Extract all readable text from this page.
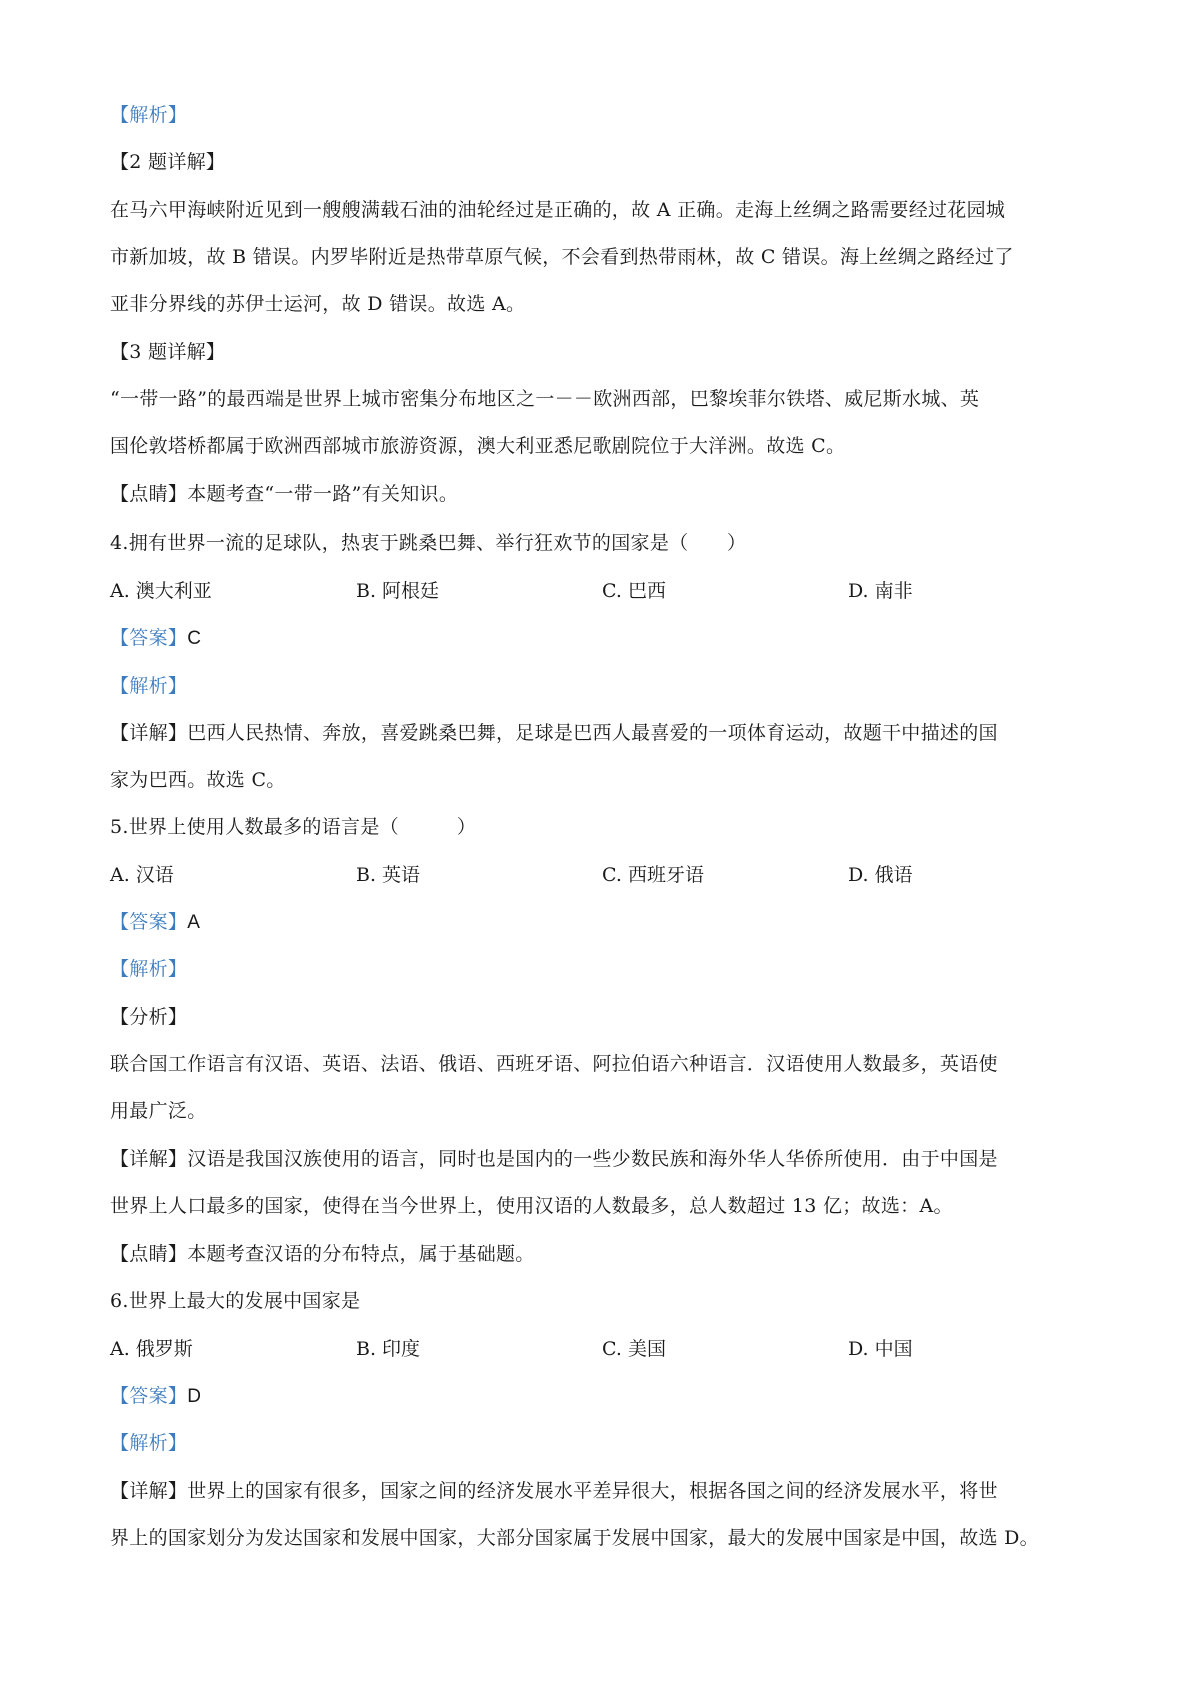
【解析】
【2 题详解】
在马六甲海峡附近见到一艘艘满载石油的油轮经过是正确的，故 A 正确。走海上丝绸之路需要经过花园城
市新加坡，故 B 错误。内罗毕附近是热带草原气候，不会看到热带雨林，故 C 错误。海上丝绸之路经过了
亚非分界线的苏伊士运河，故 D 错误。故选 A。
【3 题详解】
“一带一路”的最西端是世界上城市密集分布地区之一－－欧洲西部，巴黎埃菲尔铁塔、威尼斯水城、英
国伦敦塔桥都属于欧洲西部城市旅游资源，澳大利亚悉尼歌剧院位于大洋洲。故选 C。
【点睛】本题考查“一带一路”有关知识。
4.拥有世界一流的足球队，热衷于跳桑巴舞、举行狂欢节的国家是（　　）
A. 澳大利亚	B. 阿根廷	C. 巴西	D. 南非
【答案】C
【解析】
【详解】巴西人民热情、奔放，喜爱跳桑巴舞，足球是巴西人最喜爱的一项体育运动，故题干中描述的国
家为巴西。故选 C。
5.世界上使用人数最多的语言是（　　　）
A. 汉语	B. 英语	C. 西班牙语	D. 俄语
【答案】A
【解析】
【分析】
联合国工作语言有汉语、英语、法语、俄语、西班牙语、阿拉伯语六种语言．汉语使用人数最多，英语使
用最广泛。
【详解】汉语是我国汉族使用的语言，同时也是国内的一些少数民族和海外华人华侨所使用．由于中国是
世界上人口最多的国家，使得在当今世界上，使用汉语的人数最多，总人数超过 13 亿；故选：A。
【点睛】本题考查汉语的分布特点，属于基础题。
6.世界上最大的发展中国家是
A. 俄罗斯	B. 印度	C. 美国	D. 中国
【答案】D
【解析】
【详解】世界上的国家有很多，国家之间的经济发展水平差异很大，根据各国之间的经济发展水平，将世
界上的国家划分为发达国家和发展中国家，大部分国家属于发展中国家，最大的发展中国家是中国，故选 D。
